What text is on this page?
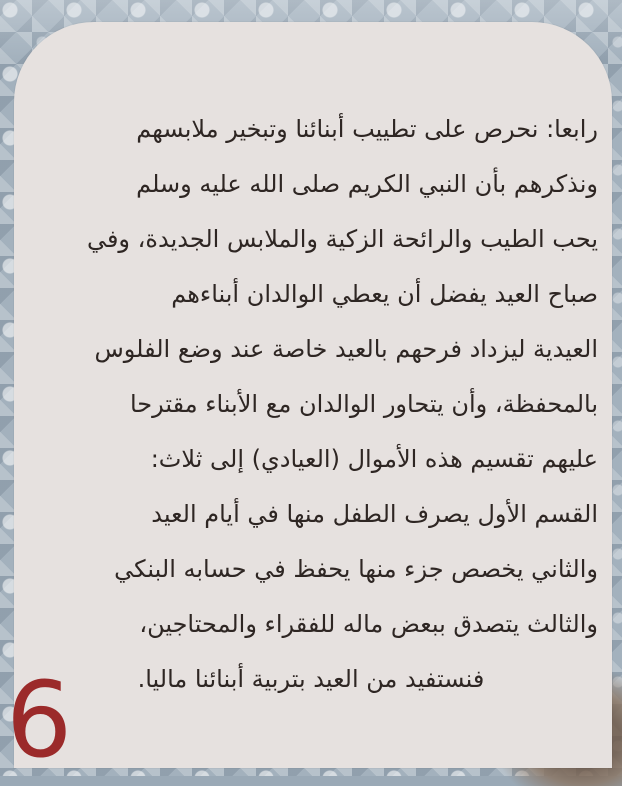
رابعا: نحرص على تطييب أبنائنا وتبخير ملابسهم
ونذكرهم بأن النبي الكريم صلى الله عليه وسلم
يحب الطيب والرائحة الزكية والملابس الجديدة، وفي
صباح العيد يفضل أن يعطي الوالدان أبناءهم
العيدية ليزداد فرحهم بالعيد خاصة عند وضع الفلوس
بالمحفظة، وأن يتحاور الوالدان مع الأبناء مقترحا
عليهم تقسيم هذه الأموال (العيادي) إلى ثلاث:
القسم الأول يصرف الطفل منها في أيام العيد
والثاني يخصص جزء منها يحفظ في حسابه البنكي
والثالث يتصدق ببعض ماله للفقراء والمحتاجين،
فنستفيد من العيد بتربية أبنائنا ماليا.

6
